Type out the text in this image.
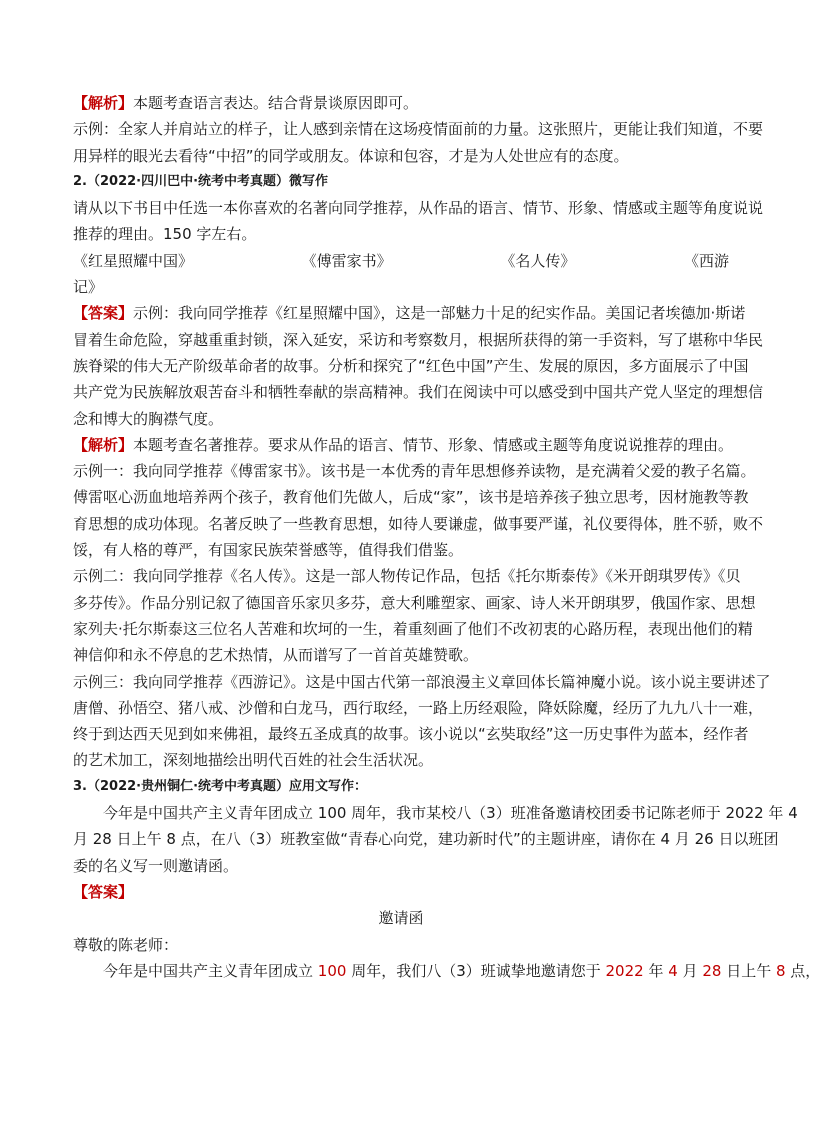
【解析】本题考查语言表达。结合背景谈原因即可。
示例：全家人并肩站立的样子，让人感到亲情在这场疫情面前的力量。这张照片，更能让我们知道，不要
用异样的眼光去看待“中招”的同学或朋友。体谅和包容，才是为人处世应有的态度。
2.（2022·四川巴中·统考中考真题）微写作
请从以下书目中任选一本你喜欢的名著向同学推荐，从作品的语言、情节、形象、情感或主题等角度说说
推荐的理由。150 字左右。
《红星照耀中国》	《傅雷家书》	《名人传》	《西游
记》
【答案】示例：我向同学推荐《红星照耀中国》，这是一部魅力十足的纪实作品。美国记者埃德加·斯诺
冒着生命危险，穿越重重封锁，深入延安，采访和考察数月，根据所获得的第一手资料，写了堪称中华民
族脊梁的伟大无产阶级革命者的故事。分析和探究了“红色中国”产生、发展的原因，多方面展示了中国
共产党为民族解放艰苦奋斗和牺牲奉献的崇高精神。我们在阅读中可以感受到中国共产党人坚定的理想信
念和博大的胸襟气度。
【解析】本题考查名著推荐。要求从作品的语言、情节、形象、情感或主题等角度说说推荐的理由。
示例一：我向同学推荐《傅雷家书》。该书是一本优秀的青年思想修养读物，是充满着父爱的教子名篇。
傅雷呕心沥血地培养两个孩子，教育他们先做人，后成“家”，该书是培养孩子独立思考，因材施教等教
育思想的成功体现。名著反映了一些教育思想，如待人要谦虚，做事要严谨，礼仪要得体，胜不骄，败不
馁，有人格的尊严，有国家民族荣誉感等，值得我们借鉴。
示例二：我向同学推荐《名人传》。这是一部人物传记作品，包括《托尔斯泰传》《米开朗琪罗传》《贝
多芬传》。作品分别记叙了德国音乐家贝多芬，意大利雕塑家、画家、诗人米开朗琪罗，俄国作家、思想
家列夫·托尔斯泰这三位名人苦难和坎坷的一生，着重刻画了他们不改初衷的心路历程，表现出他们的精
神信仰和永不停息的艺术热情，从而谱写了一首首英雄赞歌。
示例三：我向同学推荐《西游记》。这是中国古代第一部浪漫主义章回体长篇神魔小说。该小说主要讲述了
唐僧、孙悟空、猪八戒、沙僧和白龙马，西行取经，一路上历经艰险，降妖除魔，经历了九九八十一难，
终于到达西天见到如来佛祖，最终五圣成真的故事。该小说以“玄奘取经”这一历史事件为蓝本，经作者
的艺术加工，深刻地描绘出明代百姓的社会生活状况。
3.（2022·贵州铜仁·统考中考真题）应用文写作：
今年是中国共产主义青年团成立 100 周年，我市某校八（3）班准备邀请校团委书记陈老师于 2022 年 4
月 28 日上午 8 点，在八（3）班教室做“青春心向党，建功新时代”的主题讲座，请你在 4 月 26 日以班团
委的名义写一则邀请函。
【答案】
邀请函
尊敬的陈老师：
今年是中国共产主义青年团成立 100 周年，我们八（3）班诚挚地邀请您于 2022 年 4 月 28 日上午 8 点，
